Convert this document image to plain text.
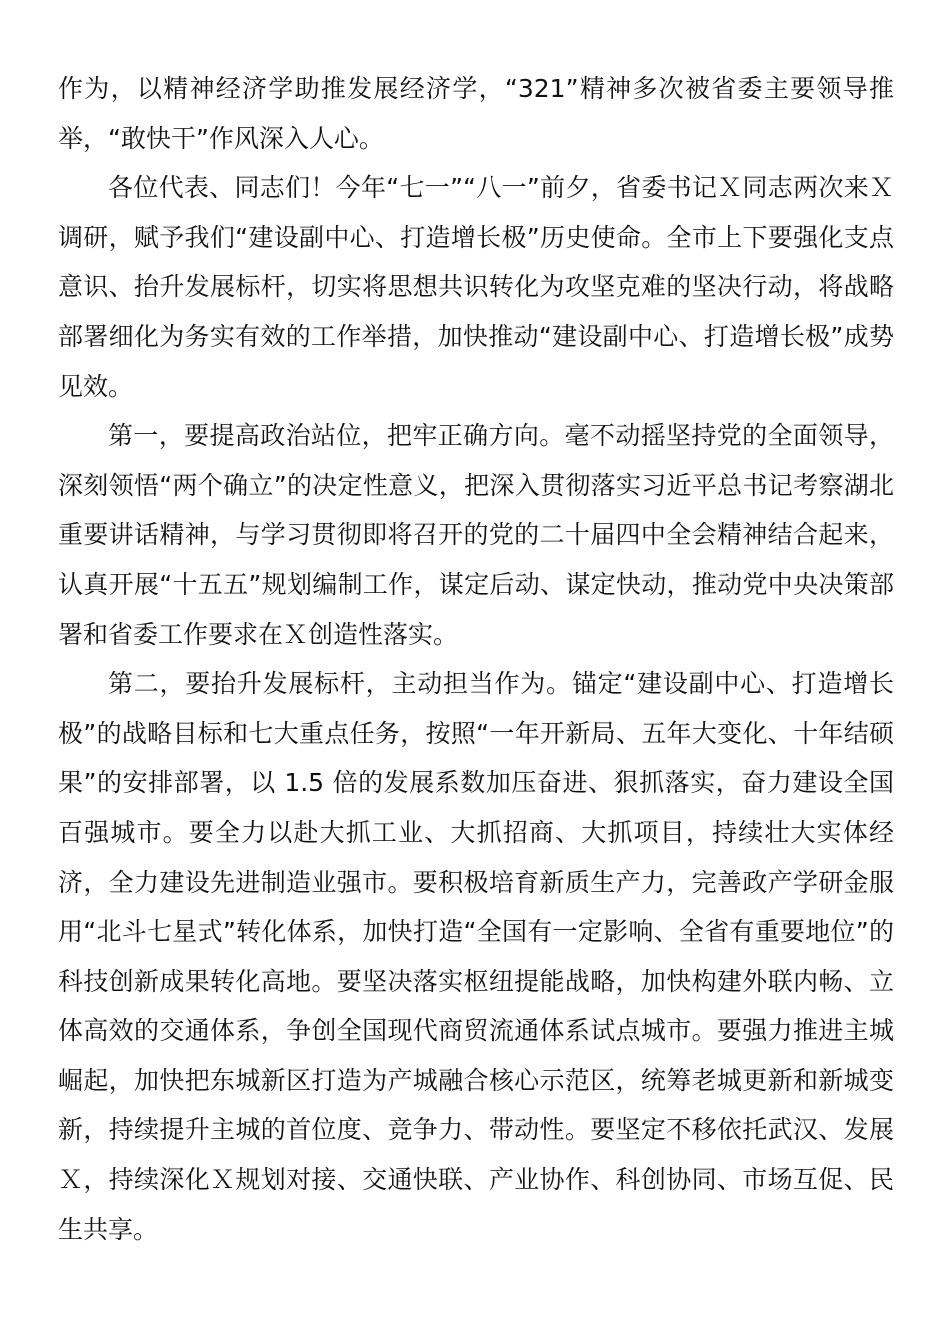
作为，以精神经济学助推发展经济学，“321”精神多次被省委主要领导推举，“敢快干”作风深入人心。

各位代表、同志们！今年“七一”“八一”前夕，省委书记Ｘ同志两次来Ｘ调研，赋予我们“建设副中心、打造增长极”历史使命。全市上下要强化支点意识、抬升发展标杆，切实将思想共识转化为攻坚克难的坚决行动，将战略部署细化为务实有效的工作举措，加快推动“建设副中心、打造增长极”成势见效。

第一，要提高政治站位，把牢正确方向。毫不动摇坚持党的全面领导，深刻领悟“两个确立”的决定性意义，把深入贯彻落实习近平总书记考察湖北重要讲话精神，与学习贯彻即将召开的党的二十届四中全会精神结合起来，认真开展“十五五”规划编制工作，谋定后动、谋定快动，推动党中央决策部署和省委工作要求在Ｘ创造性落实。

第二，要抬升发展标杆，主动担当作为。锚定“建设副中心、打造增长极”的战略目标和七大重点任务，按照“一年开新局、五年大变化、十年结硕果”的安排部署，以 1.5 倍的发展系数加压奋进、狠抓落实，奋力建设全国百强城市。要全力以赴大抓工业、大抓招商、大抓项目，持续壮大实体经济，全力建设先进制造业强市。要积极培育新质生产力，完善政产学研金服用“北斗七星式”转化体系，加快打造“全国有一定影响、全省有重要地位”的科技创新成果转化高地。要坚决落实枢纽提能战略，加快构建外联内畅、立体高效的交通体系，争创全国现代商贸流通体系试点城市。要强力推进主城崛起，加快把东城新区打造为产城融合核心示范区，统筹老城更新和新城变新，持续提升主城的首位度、竞争力、带动性。要坚定不移依托武汉、发展Ｘ，持续深化Ｘ规划对接、交通快联、产业协作、科创协同、市场互促、民生共享。
